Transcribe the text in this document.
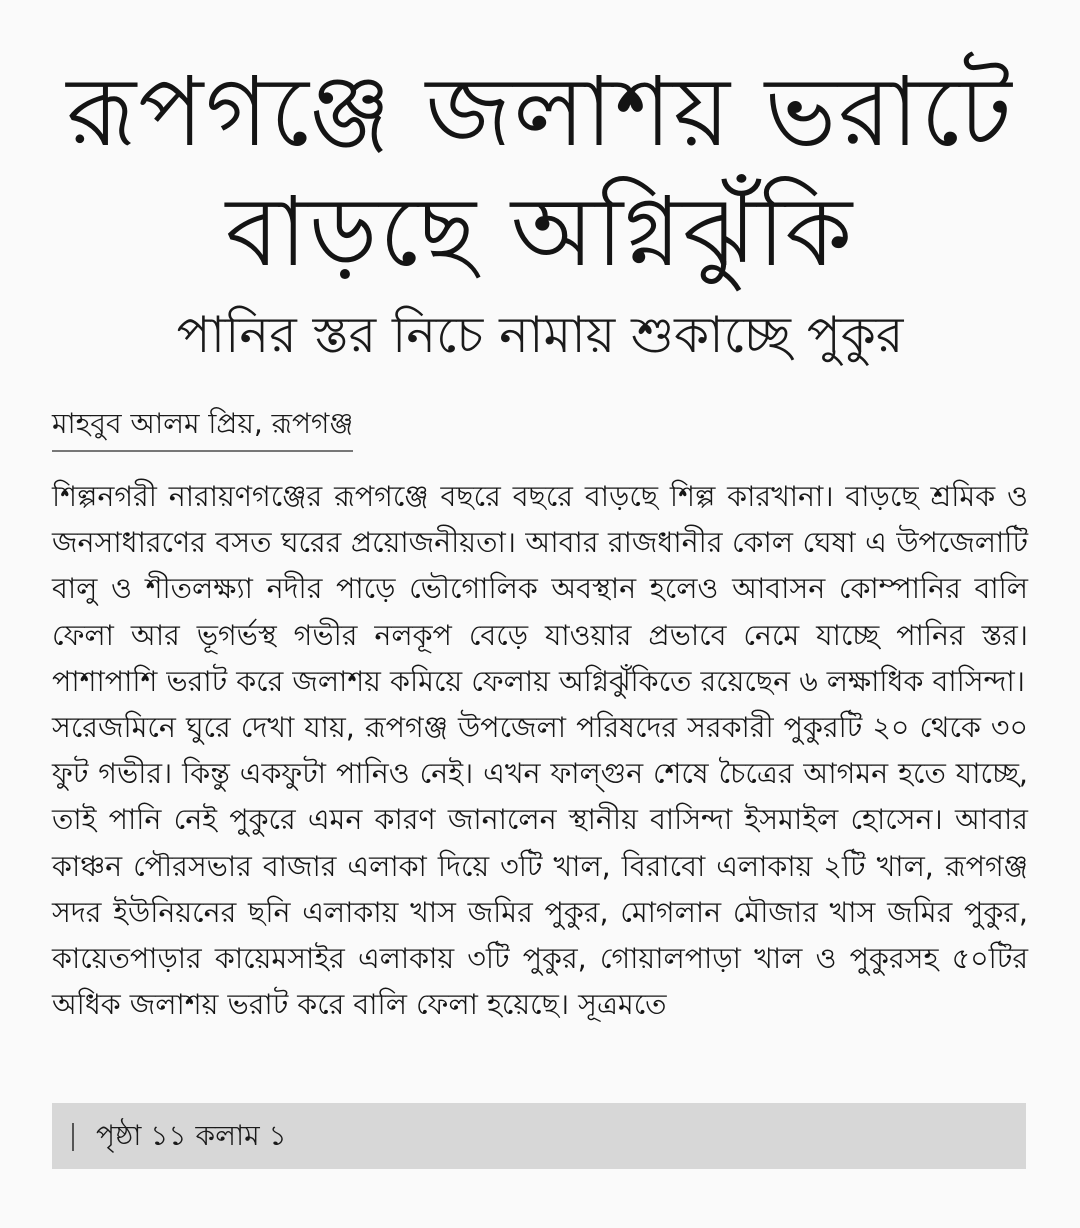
রূপগঞ্জে জলাশয় ভরাটে
বাড়ছে অগ্নিঝুঁকি
পানির স্তর নিচে নামায় শুকাচ্ছে পুকুর
মাহবুব আলম প্রিয়, রূপগঞ্জ

শিল্পনগরী নারায়ণগঞ্জের রূপগঞ্জে বছরে বছরে বাড়ছে শিল্প কারখানা। বাড়ছে শ্রমিক ও জনসাধারণের বসত ঘরের প্রয়োজনীয়তা। আবার রাজধানীর কোল ঘেষা এ উপজেলাটি বালু ও শীতলক্ষ্যা নদীর পাড়ে ভৌগোলিক অবস্থান হলেও আবাসন কোম্পানির বালি ফেলা আর ভূগর্ভস্থ গভীর নলকূপ বেড়ে যাওয়ার প্রভাবে নেমে যাচ্ছে পানির স্তর। পাশাপাশি ভরাট করে জলাশয় কমিয়ে ফেলায় অগ্নিঝুঁকিতে রয়েছেন ৬ লক্ষাধিক বাসিন্দা।

সরেজমিনে ঘুরে দেখা যায়, রূপগঞ্জ উপজেলা পরিষদের সরকারী পুকুরটি ২০ থেকে ৩০ ফুট গভীর। কিন্তু একফুটা পানিও নেই। এখন ফাল্গুন শেষে চৈত্রের আগমন হতে যাচ্ছে, তাই পানি নেই পুকুরে এমন কারণ জানালেন স্থানীয় বাসিন্দা ইসমাইল হোসেন। আবার কাঞ্চন পৌরসভার বাজার এলাকা দিয়ে ৩টি খাল, বিরাবো এলাকায় ২টি খাল, রূপগঞ্জ সদর ইউনিয়নের ছনি এলাকায় খাস জমির পুকুর, মোগলান মৌজার খাস জমির পুকুর, কায়েতপাড়ার কায়েমসাইর এলাকায় ৩টি পুকুর, গোয়ালপাড়া খাল ও পুকুরসহ ৫০টির অধিক জলাশয় ভরাট করে বালি ফেলা হয়েছে। সূত্রমতে

পৃষ্ঠা ১১ কলাম ১
